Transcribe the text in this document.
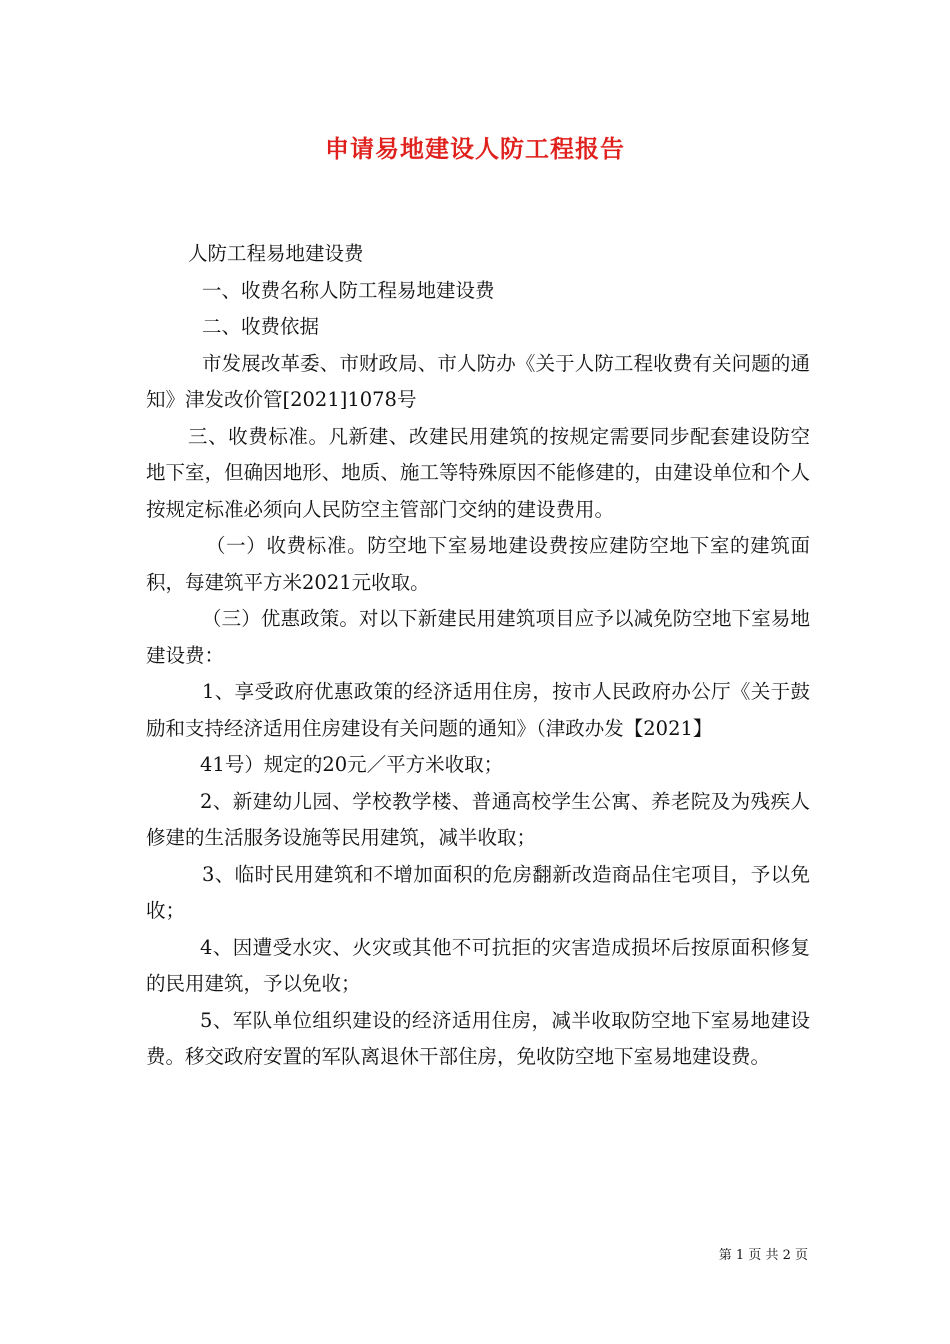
申请易地建设人防工程报告

人防工程易地建设费

一、收费名称人防工程易地建设费

二、收费依据

市发展改革委、市财政局、市人防办《关于人防工程收费有关问题的通知》津发改价管[2021]1078号

三、收费标准。凡新建、改建民用建筑的按规定需要同步配套建设防空地下室，但确因地形、地质、施工等特殊原因不能修建的，由建设单位和个人按规定标准必须向人民防空主管部门交纳的建设费用。

（一）收费标准。防空地下室易地建设费按应建防空地下室的建筑面积，每建筑平方米2021元收取。

（三）优惠政策。对以下新建民用建筑项目应予以减免防空地下室易地建设费：

1、享受政府优惠政策的经济适用住房，按市人民政府办公厅《关于鼓励和支持经济适用住房建设有关问题的通知》（津政办发【2021】

41号）规定的20元／平方米收取；

2、新建幼儿园、学校教学楼、普通高校学生公寓、养老院及为残疾人修建的生活服务设施等民用建筑，减半收取；

3、临时民用建筑和不增加面积的危房翻新改造商品住宅项目，予以免收；

4、因遭受水灾、火灾或其他不可抗拒的灾害造成损坏后按原面积修复的民用建筑，予以免收；

5、军队单位组织建设的经济适用住房，减半收取防空地下室易地建设费。移交政府安置的军队离退休干部住房，免收防空地下室易地建设费。

第 1 页 共 2 页
